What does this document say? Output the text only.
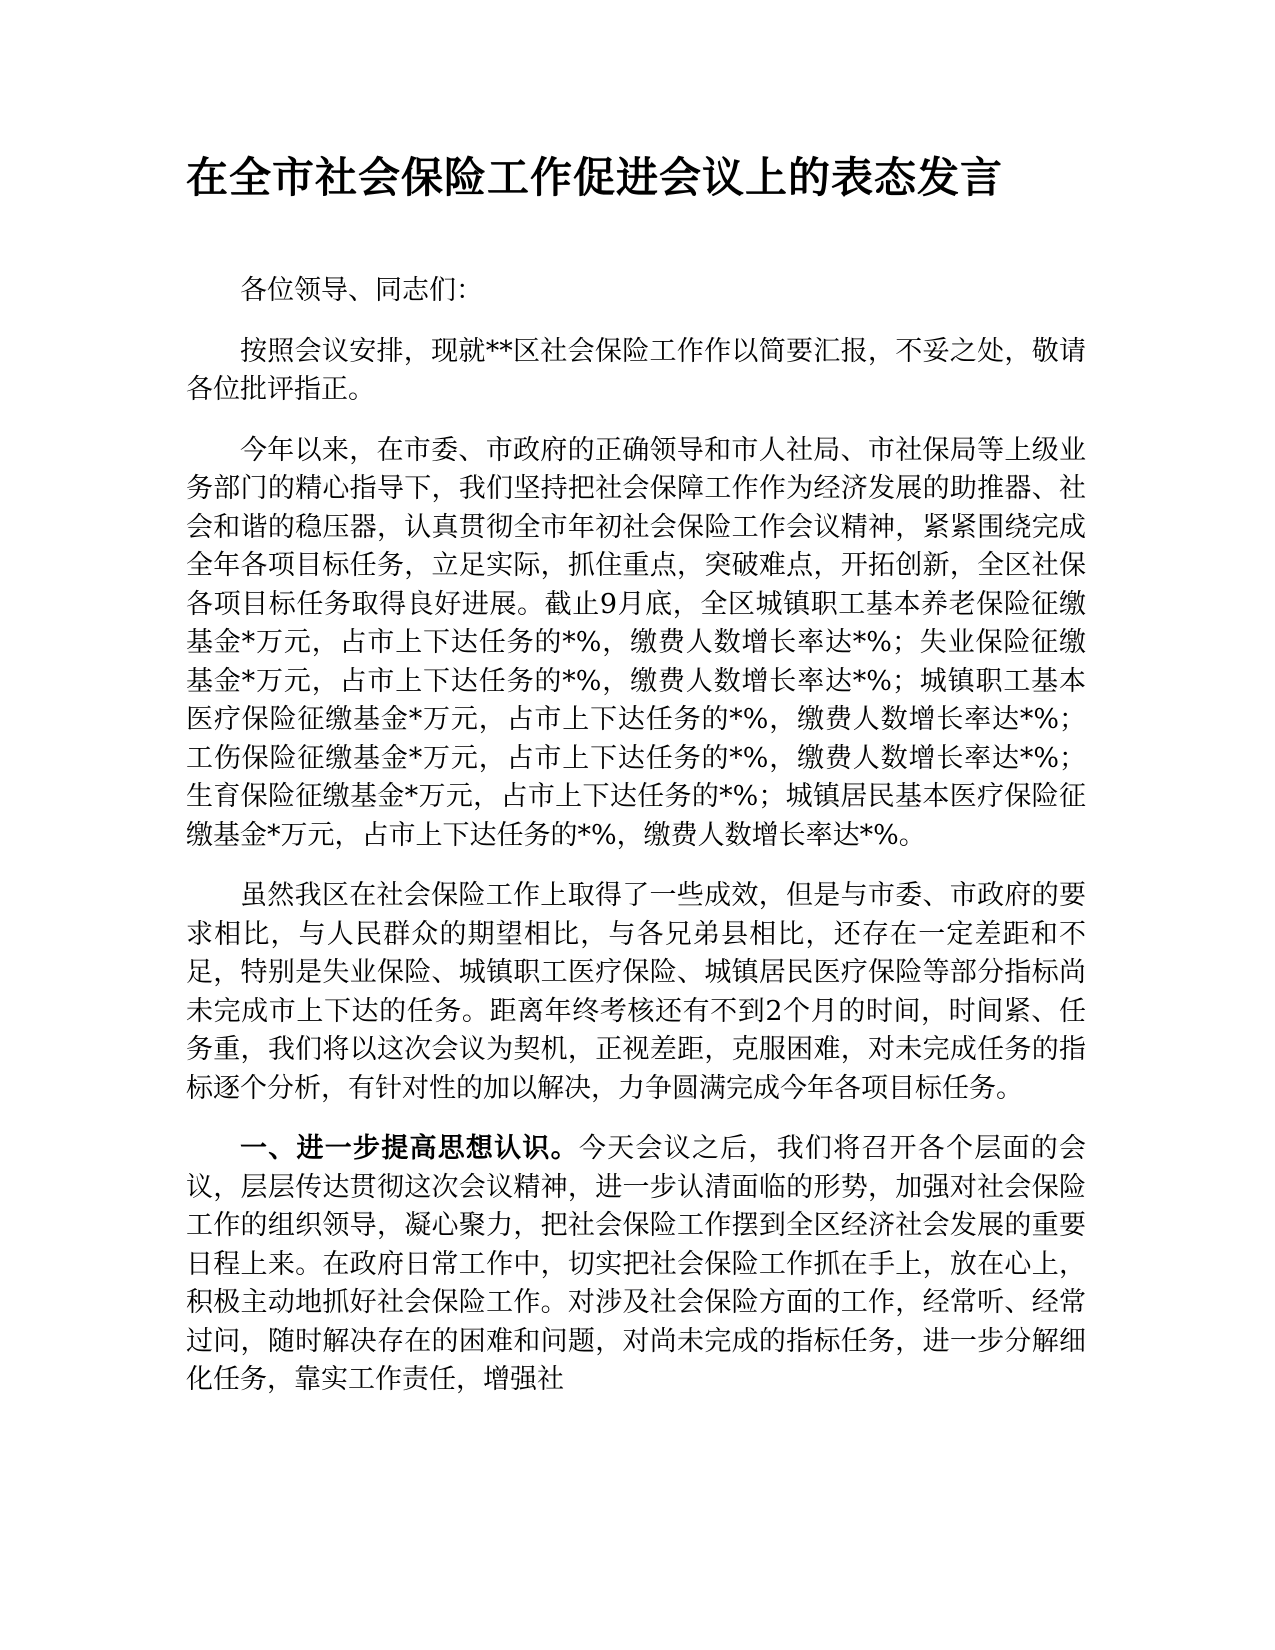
在全市社会保险工作促进会议上的表态发言

各位领导、同志们：

按照会议安排，现就**区社会保险工作作以简要汇报，不妥之处，敬请各位批评指正。

今年以来，在市委、市政府的正确领导和市人社局、市社保局等上级业务部门的精心指导下，我们坚持把社会保障工作作为经济发展的助推器、社会和谐的稳压器，认真贯彻全市年初社会保险工作会议精神，紧紧围绕完成全年各项目标任务，立足实际，抓住重点，突破难点，开拓创新，全区社保各项目标任务取得良好进展。截止9月底，全区城镇职工基本养老保险征缴基金*万元，占市上下达任务的*%，缴费人数增长率达*%；失业保险征缴基金*万元，占市上下达任务的*%，缴费人数增长率达*%；城镇职工基本医疗保险征缴基金*万元，占市上下达任务的*%，缴费人数增长率达*%；工伤保险征缴基金*万元，占市上下达任务的*%，缴费人数增长率达*%；生育保险征缴基金*万元，占市上下达任务的*%；城镇居民基本医疗保险征缴基金*万元，占市上下达任务的*%，缴费人数增长率达*%。

虽然我区在社会保险工作上取得了一些成效，但是与市委、市政府的要求相比，与人民群众的期望相比，与各兄弟县相比，还存在一定差距和不足，特别是失业保险、城镇职工医疗保险、城镇居民医疗保险等部分指标尚未完成市上下达的任务。距离年终考核还有不到2个月的时间，时间紧、任务重，我们将以这次会议为契机，正视差距，克服困难，对未完成任务的指标逐个分析，有针对性的加以解决，力争圆满完成今年各项目标任务。

一、进一步提高思想认识。今天会议之后，我们将召开各个层面的会议，层层传达贯彻这次会议精神，进一步认清面临的形势，加强对社会保险工作的组织领导，凝心聚力，把社会保险工作摆到全区经济社会发展的重要日程上来。在政府日常工作中，切实把社会保险工作抓在手上，放在心上，积极主动地抓好社会保险工作。对涉及社会保险方面的工作，经常听、经常过问，随时解决存在的困难和问题，对尚未完成的指标任务，进一步分解细化任务，靠实工作责任，增强社
